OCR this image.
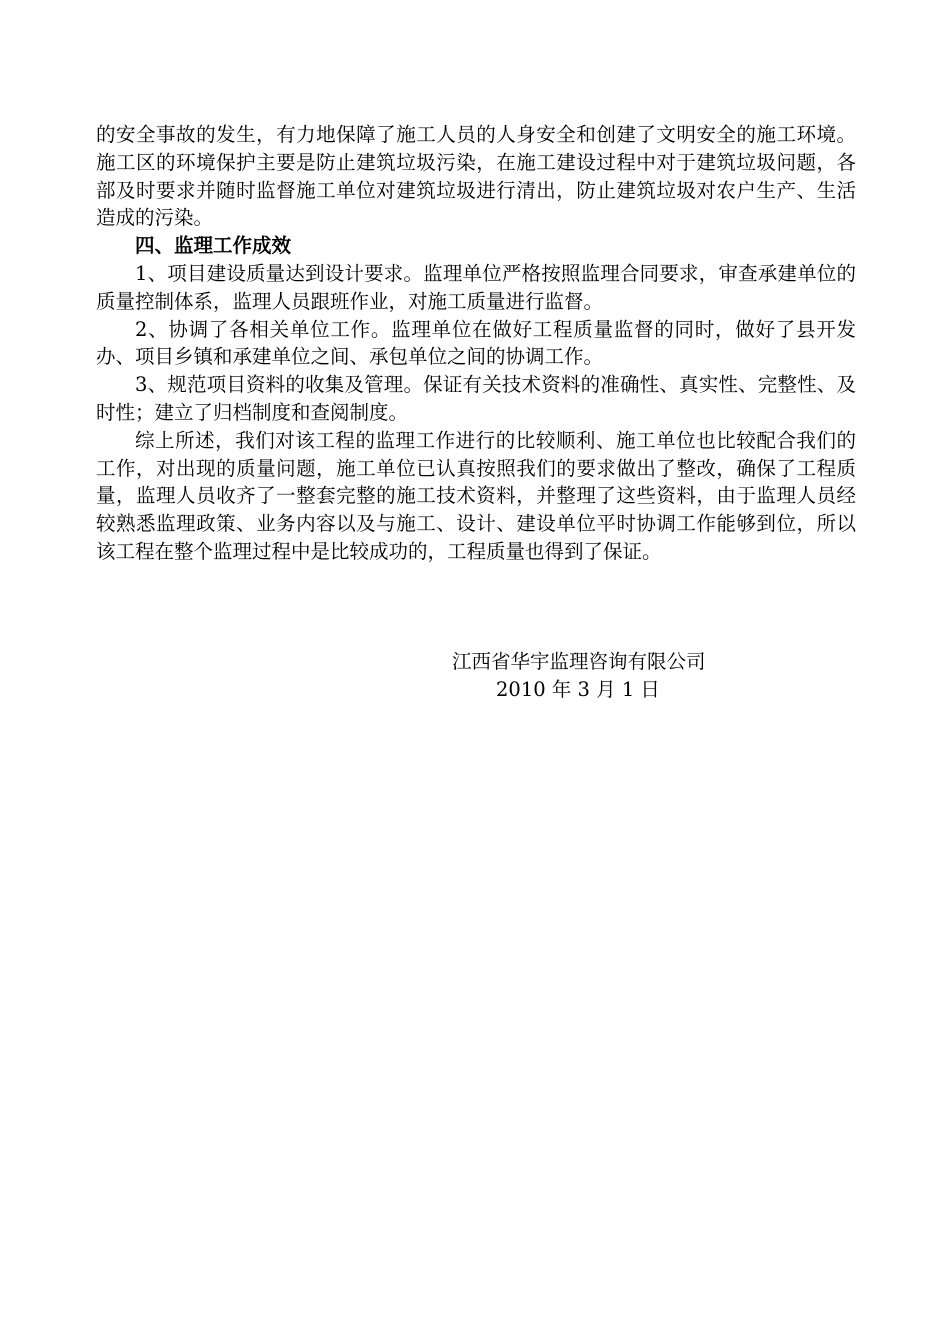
的安全事故的发生，有力地保障了施工人员的人身安全和创建了文明安全的施工环境。施工区的环境保护主要是防止建筑垃圾污染，在施工建设过程中对于建筑垃圾问题，各部及时要求并随时监督施工单位对建筑垃圾进行清出，防止建筑垃圾对农户生产、生活造成的污染。

四、监理工作成效

1、项目建设质量达到设计要求。监理单位严格按照监理合同要求，审查承建单位的质量控制体系，监理人员跟班作业，对施工质量进行监督。

2、协调了各相关单位工作。监理单位在做好工程质量监督的同时，做好了县开发办、项目乡镇和承建单位之间、承包单位之间的协调工作。

3、规范项目资料的收集及管理。保证有关技术资料的准确性、真实性、完整性、及时性；建立了归档制度和查阅制度。

综上所述，我们对该工程的监理工作进行的比较顺利、施工单位也比较配合我们的工作，对出现的质量问题，施工单位已认真按照我们的要求做出了整改，确保了工程质量，监理人员收齐了一整套完整的施工技术资料，并整理了这些资料，由于监理人员经较熟悉监理政策、业务内容以及与施工、设计、建设单位平时协调工作能够到位，所以该工程在整个监理过程中是比较成功的，工程质量也得到了保证。

江西省华宇监理咨询有限公司
2010 年 3 月 1 日
